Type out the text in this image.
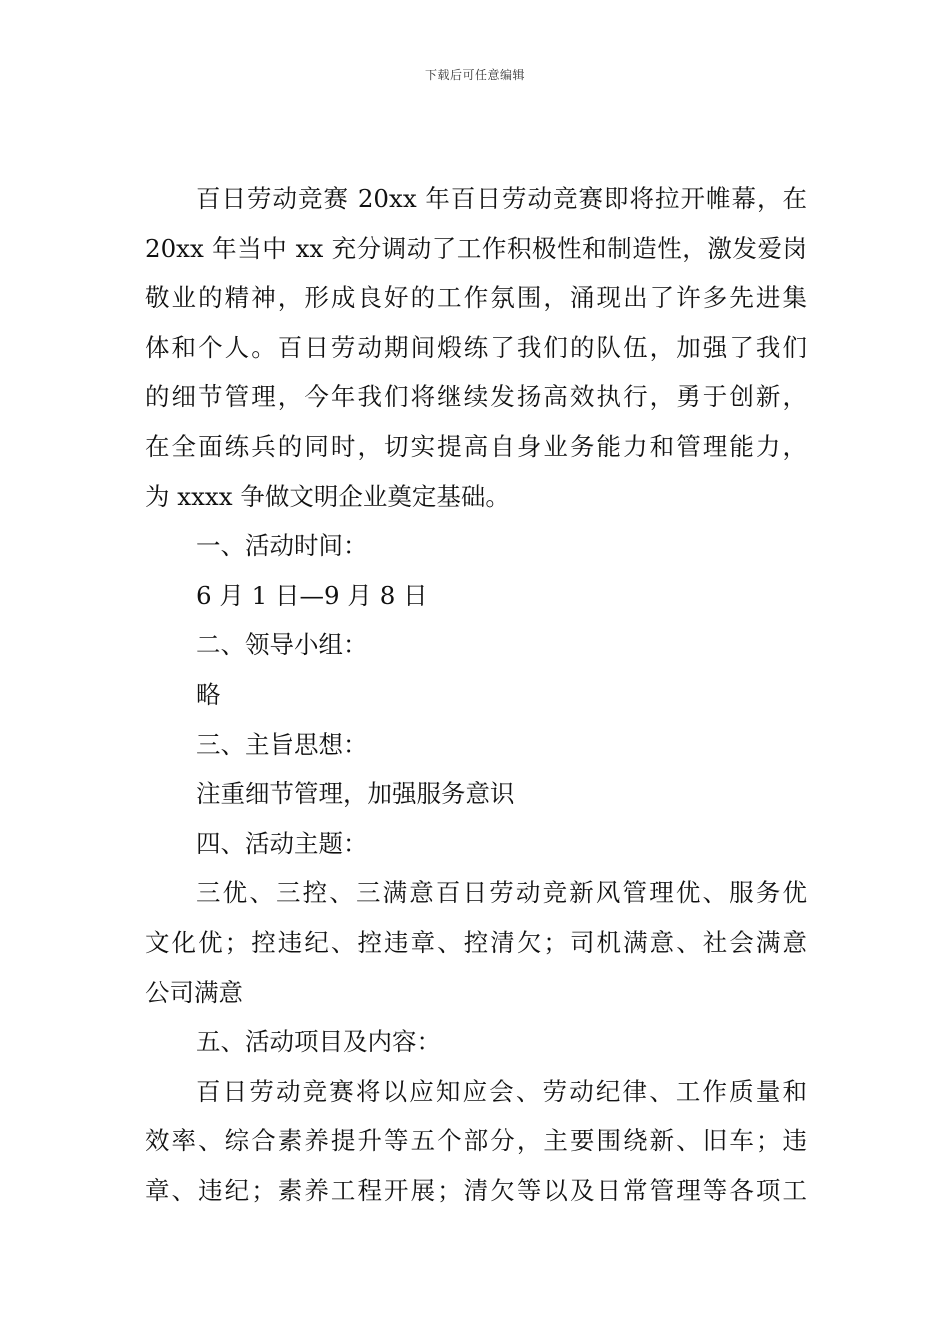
下载后可任意编辑
百日劳动竞赛 20xx 年百日劳动竞赛即将拉开帷幕，在
20xx 年当中 xx 充分调动了工作积极性和制造性，激发爱岗
敬业的精神，形成良好的工作氛围，涌现出了许多先进集
体和个人。百日劳动期间煅练了我们的队伍，加强了我们
的细节管理，今年我们将继续发扬高效执行，勇于创新，
在全面练兵的同时，切实提高自身业务能力和管理能力，
为 xxxx 争做文明企业奠定基础。
一、活动时间：
6 月 1 日—9 月 8 日
二、领导小组：
略
三、主旨思想：
注重细节管理，加强服务意识
四、活动主题：
三优、三控、三满意百日劳动竞新风管理优、服务优
文化优；控违纪、控违章、控清欠；司机满意、社会满意
公司满意
五、活动项目及内容：
百日劳动竞赛将以应知应会、劳动纪律、工作质量和
效率、综合素养提升等五个部分，主要围绕新、旧车；违
章、违纪；素养工程开展；清欠等以及日常管理等各项工
